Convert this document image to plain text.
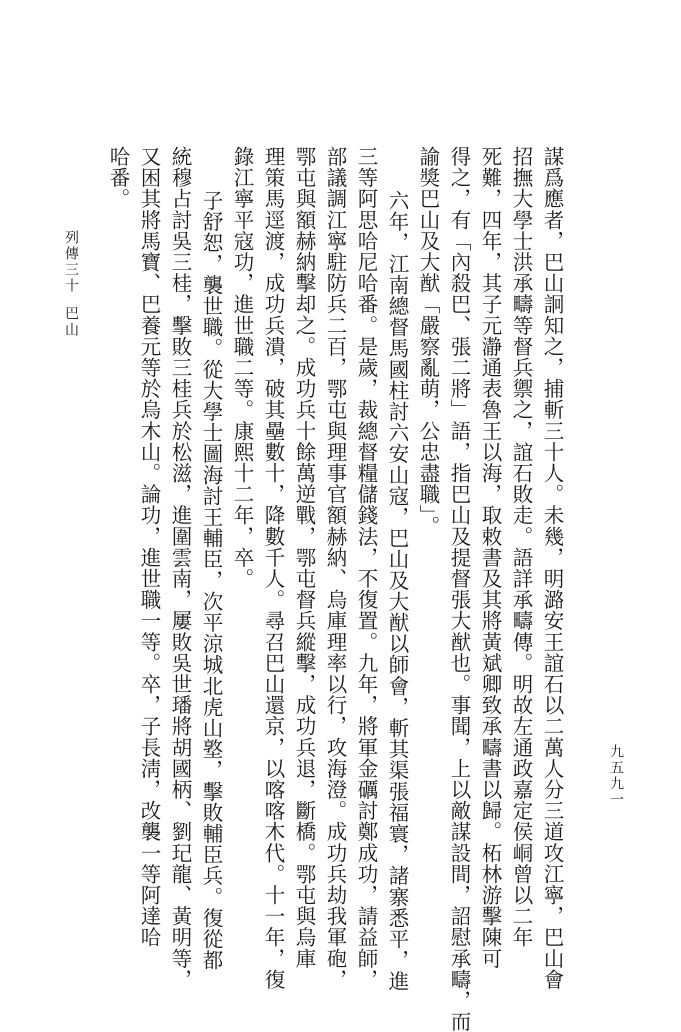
列傳三十
巴山
九五九一
謀爲應者，巴山詗知之，捕斬三十人。未幾，明潞安王誼石以二萬人分三道攻江寧，巴山會
招撫大學士洪承疇等督兵禦之，誼石敗走。語詳承疇傳。明故左通政嘉定侯峒曾以二年
死難，四年，其子元瀞通表魯王以海，取敕書及其將黃斌卿致承疇書以歸。柘林游擊陳可
得之，有「內殺巴、張二將」語，指巴山及提督張大猷也。事聞，上以敵謀設間，詔慰承疇，而
諭獎巴山及大猷「嚴察亂萌，公忠盡職」。
六年，江南總督馬國柱討六安山寇，巴山及大猷以師會，斬其渠張福寰，諸寨悉平，進
三等阿思哈尼哈番。是歲，裁總督糧儲錢法，不復置。九年，將軍金礪討鄭成功，請益師，
部議調江寧駐防兵二百，鄂屯與理事官額赫納、烏庫理率以行，攻海澄。成功兵劫我軍砲，
鄂屯與額赫納擊却之。成功兵十餘萬逆戰，鄂屯督兵縱擊，成功兵退，斷橋。鄂屯與烏庫
理策馬逕渡，成功兵潰，破其壘數十，降數千人。尋召巴山還京，以喀喀木代。十一年，復
錄江寧平寇功，進世職二等。康熙十二年，卒。
子舒恕，襲世職。從大學士圖海討王輔臣，次平涼城北虎山墪，擊敗輔臣兵。復從都
統穆占討吳三桂，擊敗三桂兵於松滋，進圍雲南，屢敗吳世璠將胡國柄、劉玘龍、黃明等，
又困其將馬寶、巴養元等於烏木山。論功，進世職一等。卒，子長淸，改襲一等阿達哈
哈番。
